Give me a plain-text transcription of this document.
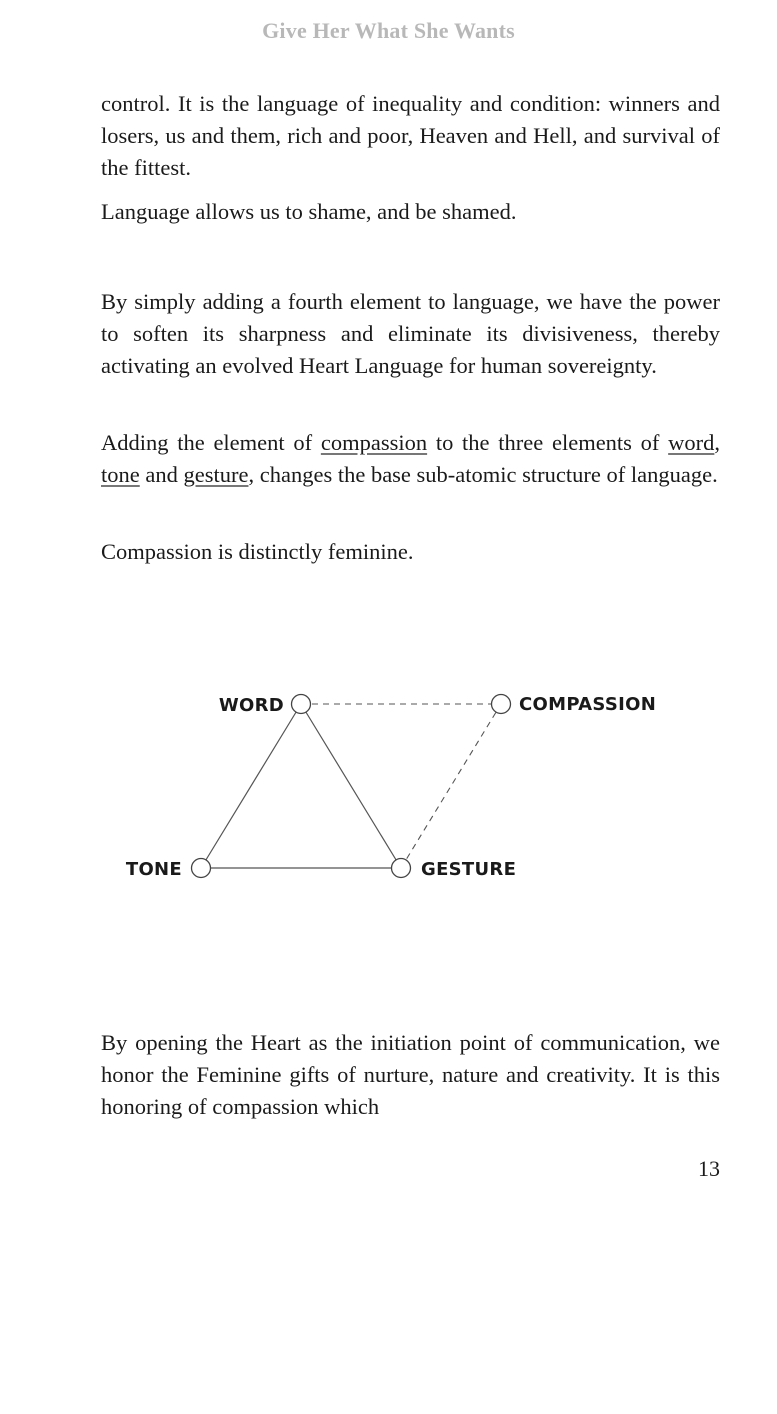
Give Her What She Wants

control. It is the language of inequality and condition: winners and losers, us and them, rich and poor, Heaven and Hell, and survival of the fittest.

Language allows us to shame, and be shamed.

By simply adding a fourth element to language, we have the power to soften its sharpness and eliminate its divisiveness, thereby activating an evolved Heart Language for human sovereignty.

Adding the element of compassion to the three elements of word, tone and gesture, changes the base sub-atomic structure of language.

Compassion is distinctly feminine.

WORD	COMPASSION
TONE	GESTURE

By opening the Heart as the initiation point of communication, we honor the Feminine gifts of nurture, nature and creativity. It is this honoring of compassion which

13
